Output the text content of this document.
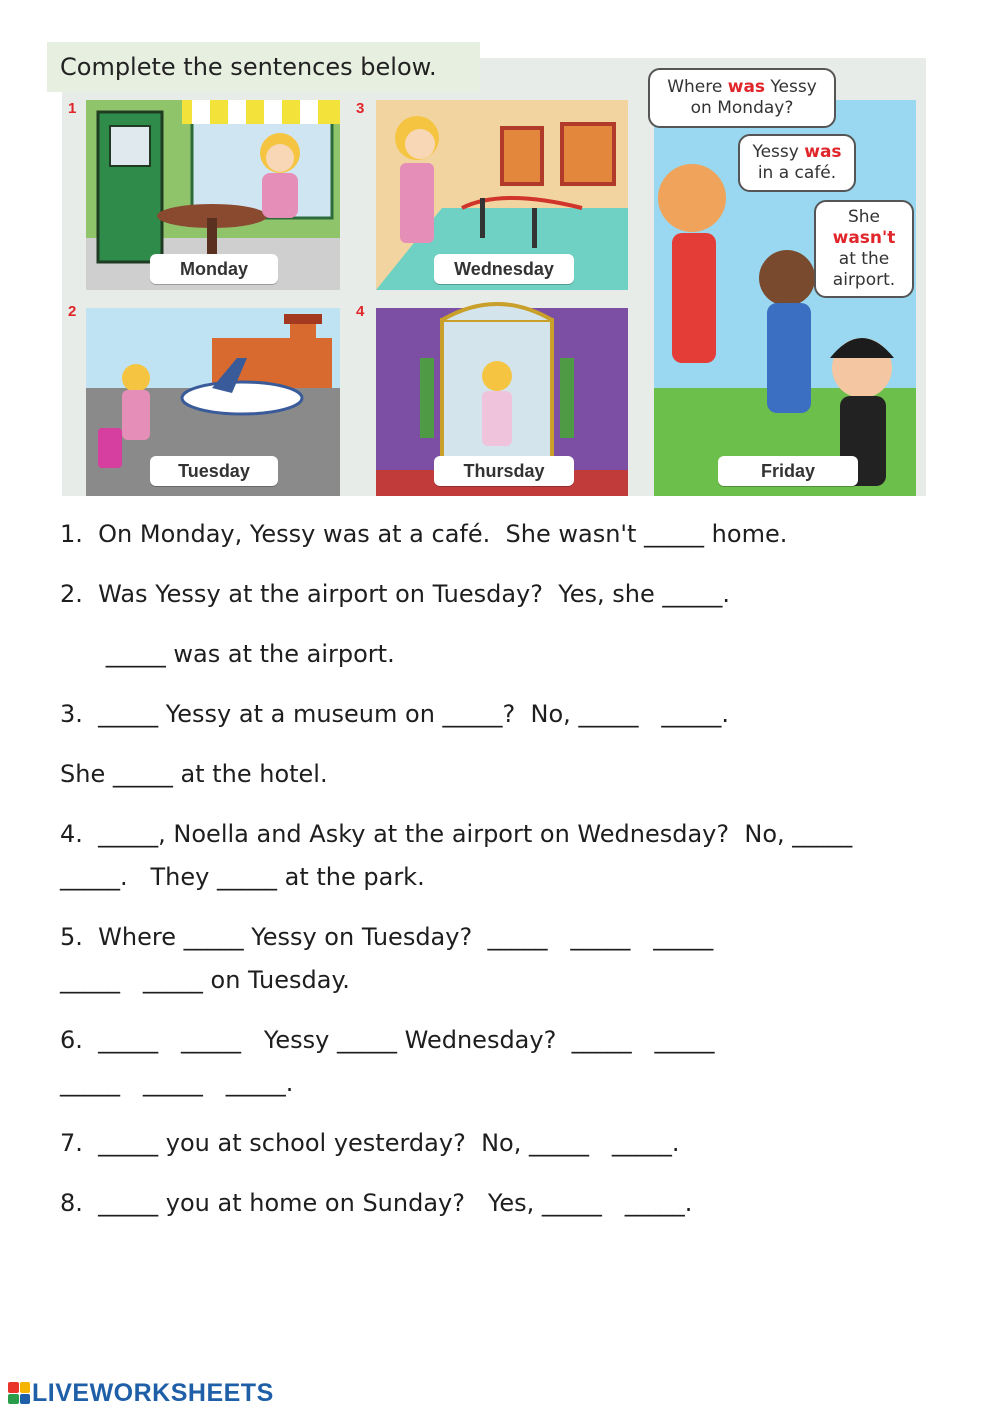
1
2
3
4
Monday
Tuesday
Wednesday
Thursday	Friday
Where was Yessy
on Monday?
Yessy was
in a café.
She
wasn't
at the
airport.
Complete the sentences below.
1.  On Monday, Yessy was at a café.  She wasn't _____ home.
2.  Was Yessy at the airport on Tuesday?  Yes, she _____.
_____ was at the airport.
3.  _____ Yessy at a museum on _____?  No, _____   _____.
She _____ at the hotel.
4.  _____, Noella and Asky at the airport on Wednesday?  No, _____
_____.   They _____ at the park.
5.  Where _____ Yessy on Tuesday?  _____   _____   _____
_____   _____ on Tuesday.
6.  _____   _____   Yessy _____ Wednesday?  _____   _____
_____   _____   _____.
7.  _____ you at school yesterday?  No, _____   _____.
8.  _____ you at home on Sunday?   Yes, _____   _____.
LIVEWORKSHEETS
